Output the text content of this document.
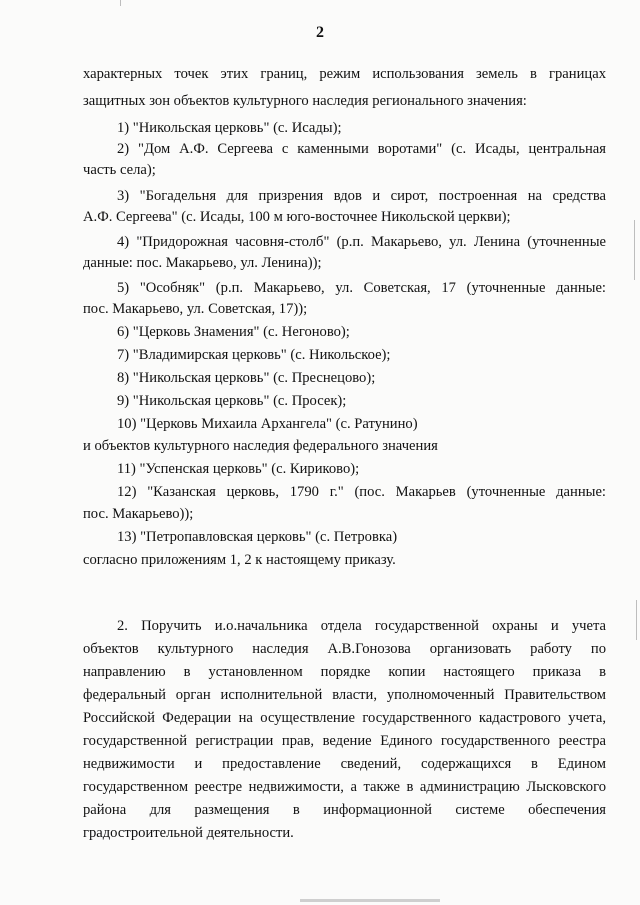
2
характерных точек этих границ, режим использования земель в границах
защитных зон объектов культурного наследия регионального значения:
1) "Никольская церковь" (с. Исады);
2) "Дом А.Ф. Сергеева с каменными воротами" (с. Исады, центральная
часть села);
3) "Богадельня для призрения вдов и сирот, построенная на средства
А.Ф. Сергеева" (с. Исады, 100 м юго-восточнее Никольской церкви);
4) "Придорожная часовня-столб" (р.п. Макарьево, ул. Ленина (уточненные
данные: пос. Макарьево, ул. Ленина));
5) "Особняк" (р.п. Макарьево, ул. Советская, 17 (уточненные данные:
пос. Макарьево, ул. Советская, 17));
6) "Церковь Знамения" (с. Негоново);
7) "Владимирская церковь" (с. Никольское);
8) "Никольская церковь" (с. Преснецово);
9) "Никольская церковь" (с. Просек);
10) "Церковь Михаила Архангела" (с. Ратунино)
и объектов культурного наследия федерального значения
11) "Успенская церковь" (с. Кириково);
12) "Казанская церковь, 1790 г." (пос. Макарьев (уточненные данные:
пос. Макарьево));
13) "Петропавловская церковь" (с. Петровка)
согласно приложениям 1, 2 к настоящему приказу.
2. Поручить и.о.начальника отдела государственной охраны и учета
объектов культурного наследия А.В.Гонозова организовать работу по
направлению в установленном порядке копии настоящего приказа в
федеральный орган исполнительной власти, уполномоченный Правительством
Российской Федерации на осуществление государственного кадастрового учета,
государственной регистрации прав, ведение Единого государственного реестра
недвижимости и предоставление сведений, содержащихся в Едином
государственном реестре недвижимости, а также в администрацию Лысковского
района для размещения в информационной системе обеспечения
градостроительной деятельности.
